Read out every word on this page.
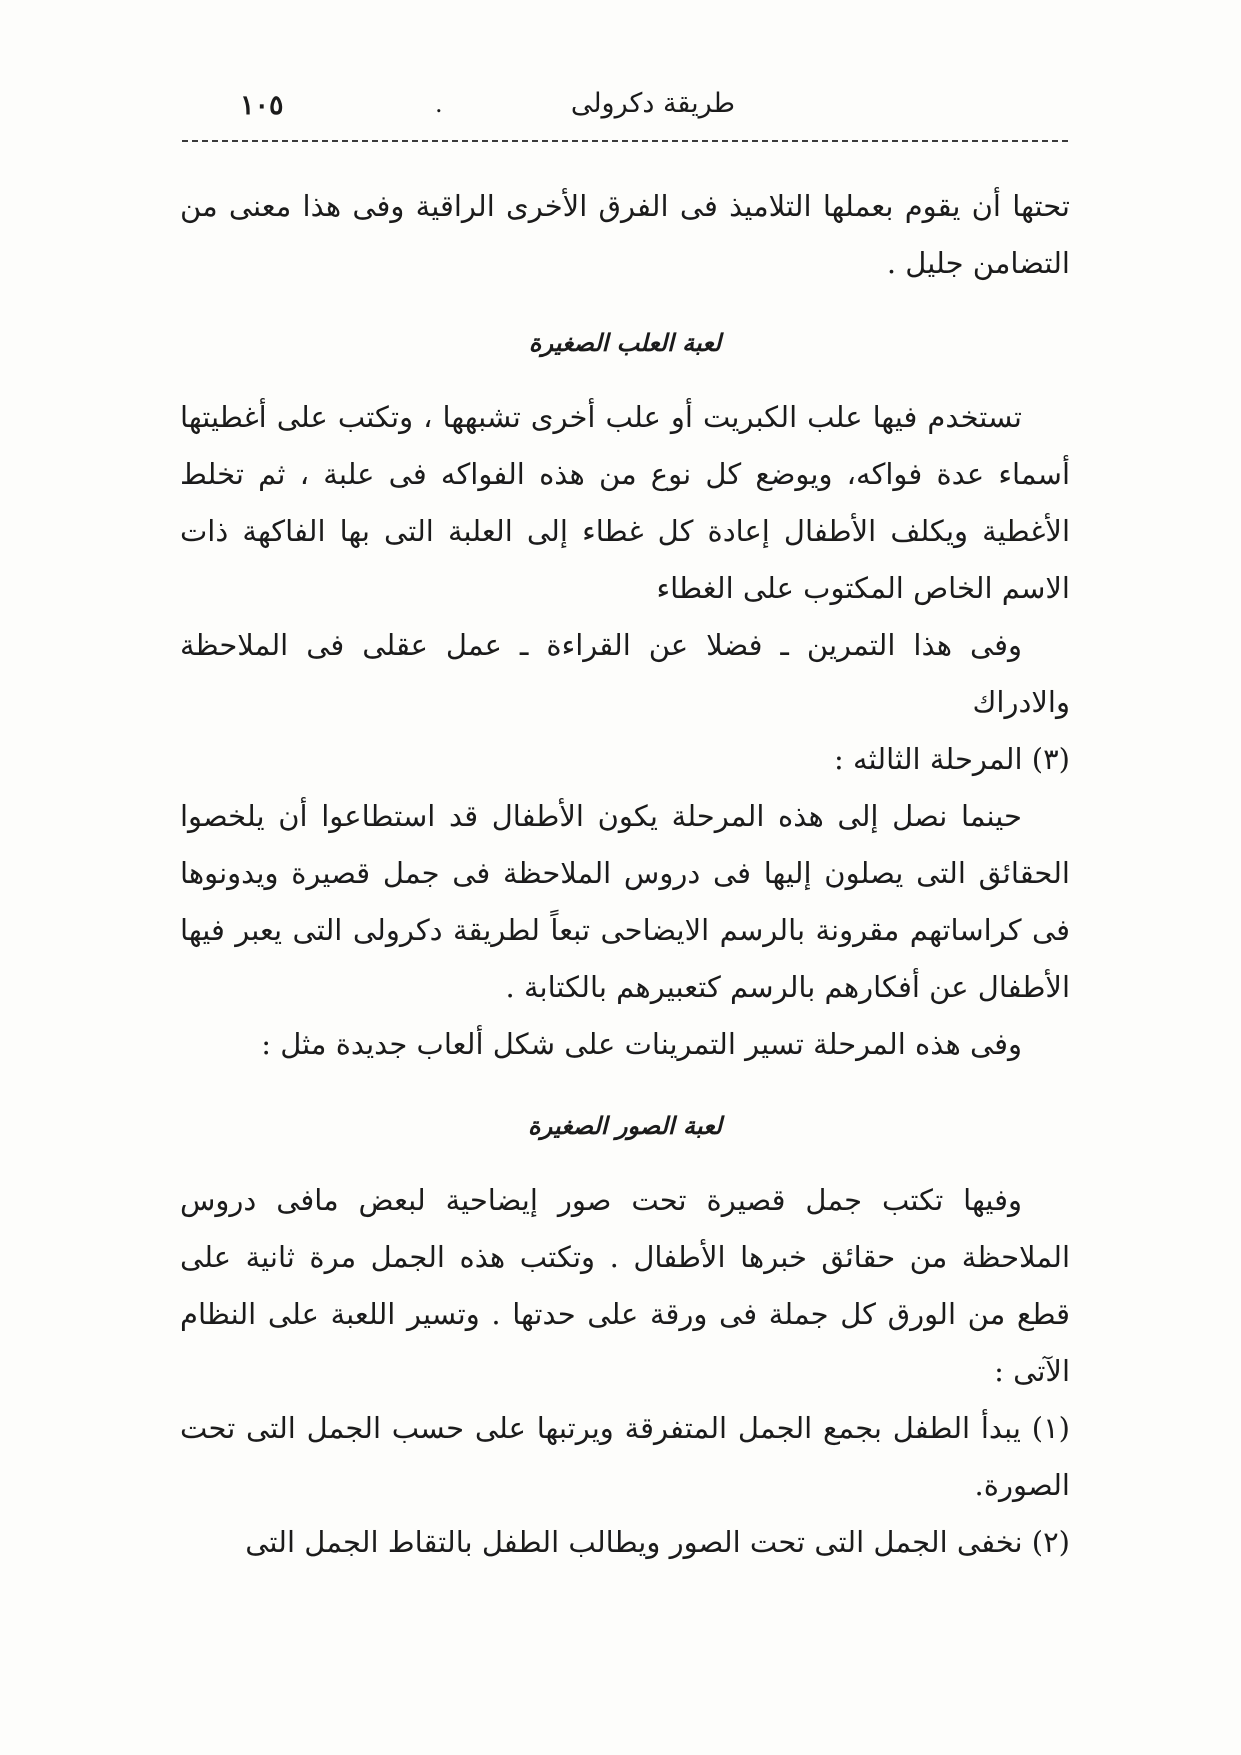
طريقة دكرولى
.
١٠٥

تحتها أن يقوم بعملها التلاميذ فى الفرق الأخرى الراقية وفى هذا معنى من التضامن جليل .

لعبة العلب الصغيرة

تستخدم فيها علب الكبريت أو علب أخرى تشبهها ، وتكتب على أغطيتها أسماء عدة فواكه، ويوضع كل نوع من هذه الفواكه فى علبة ، ثم تخلط الأغطية ويكلف الأطفال إعادة كل غطاء إلى العلبة التى بها الفاكهة ذات الاسم الخاص المكتوب على الغطاء

وفى هذا التمرين ـ فضلا عن القراءة ـ عمل عقلى فى الملاحظة والادراك

(٣) المرحلة الثالثه :

حينما نصل إلى هذه المرحلة يكون الأطفال قد استطاعوا أن يلخصوا الحقائق التى يصلون إليها فى دروس الملاحظة فى جمل قصيرة ويدونوها فى كراساتهم مقرونة بالرسم الايضاحى تبعاً لطريقة دكرولى التى يعبر فيها الأطفال عن أفكارهم بالرسم كتعبيرهم بالكتابة .

وفى هذه المرحلة تسير التمرينات على شكل ألعاب جديدة مثل :

لعبة الصور الصغيرة

وفيها تكتب جمل قصيرة تحت صور إيضاحية لبعض مافى دروس الملاحظة من حقائق خبرها الأطفال . وتكتب هذه الجمل مرة ثانية على قطع من الورق كل جملة فى ورقة على حدتها . وتسير اللعبة على النظام الآتى :

(١) يبدأ الطفل بجمع الجمل المتفرقة ويرتبها على حسب الجمل التى تحت الصورة.

(٢) نخفى الجمل التى تحت الصور ويطالب الطفل بالتقاط الجمل التى
